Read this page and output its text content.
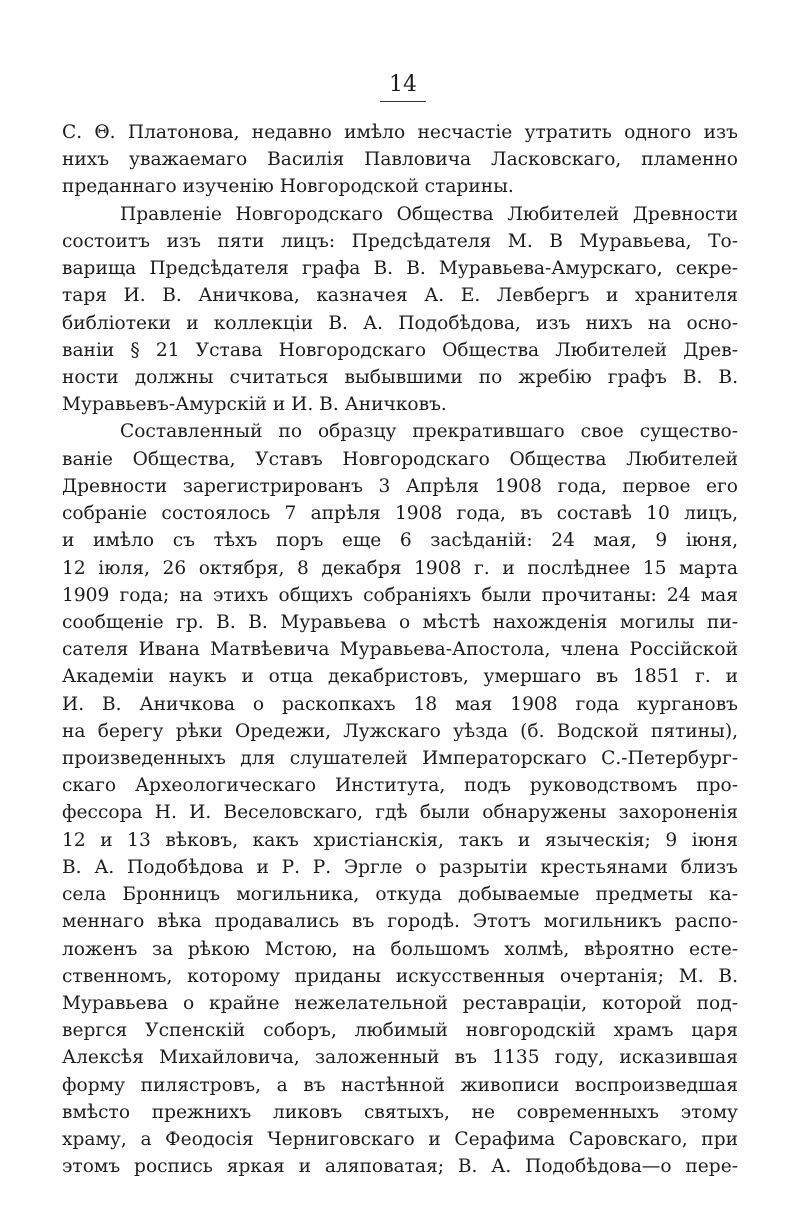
14
С. Θ. Платонова, недавно имѣло несчастіе утратить одного изъ
нихъ уважаемаго Василія Павловича Ласковскаго, пламенно
преданнаго изученію Новгородской старины.
Правленіе Новгородскаго Общества Любителей Древности
состоитъ изъ пяти лицъ: Предсѣдателя М. В Муравьева, То-
варища Предсѣдателя графа В. В. Муравьева-Амурскаго, секре-
таря И. В. Аничкова, казначея А. Е. Левбергъ и хранителя
библіотеки и коллекціи В. А. Подобѣдова, изъ нихъ на осно-
ваніи § 21 Устава Новгородскаго Общества Любителей Древ-
ности должны считаться выбывшими по жребію графъ В. В.
Муравьевъ-Амурскій и И. В. Аничковъ.
Составленный по образцу прекратившаго свое существо-
ваніе Общества, Уставъ Новгородскаго Общества Любителей
Древности зарегистрированъ 3 Апрѣля 1908 года, первое его
собраніе состоялось 7 апрѣля 1908 года, въ составѣ 10 лицъ,
и имѣло съ тѣхъ поръ еще 6 засѣданій: 24 мая, 9 іюня,
12 іюля, 26 октября, 8 декабря 1908 г. и послѣднее 15 марта
1909 года; на этихъ общихъ собраніяхъ были прочитаны: 24 мая
сообщеніе гр. В. В. Муравьева о мѣстѣ нахожденія могилы пи-
сателя Ивана Матвѣевича Муравьева-Апостола, члена Россійской
Академіи наукъ и отца декабристовъ, умершаго въ 1851 г. и
И. В. Аничкова о раскопкахъ 18 мая 1908 года кургановъ
на берегу рѣки Оредежи, Лужскаго уѣзда (б. Водской пятины),
произведенныхъ для слушателей Императорскаго С.-Петербург-
скаго Археологическаго Института, подъ руководствомъ про-
фессора Н. И. Веселовскаго, гдѣ были обнаружены захороненія
12 и 13 вѣковъ, какъ христіанскія, такъ и языческія; 9 іюня
В. А. Подобѣдова и Р. Р. Эргле о разрытіи крестьянами близъ
села Бронницъ могильника, откуда добываемые предметы ка-
меннаго вѣка продавались въ городѣ. Этотъ могильникъ распо-
ложенъ за рѣкою Мстою, на большомъ холмѣ, вѣроятно есте-
ственномъ, которому приданы искусственныя очертанія; М. В.
Муравьева о крайне нежелательной реставраціи, которой под-
вергся Успенскій соборъ, любимый новгородскій храмъ царя
Алексѣя Михайловича, заложенный въ 1135 году, исказившая
форму пилястровъ, а въ настѣнной живописи воспроизведшая
вмѣсто прежнихъ ликовъ святыхъ, не современныхъ этому
храму, а Феодосія Черниговскаго и Серафима Саровскаго, при
этомъ роспись яркая и аляповатая; В. А. Подобѣдова—о пере-
